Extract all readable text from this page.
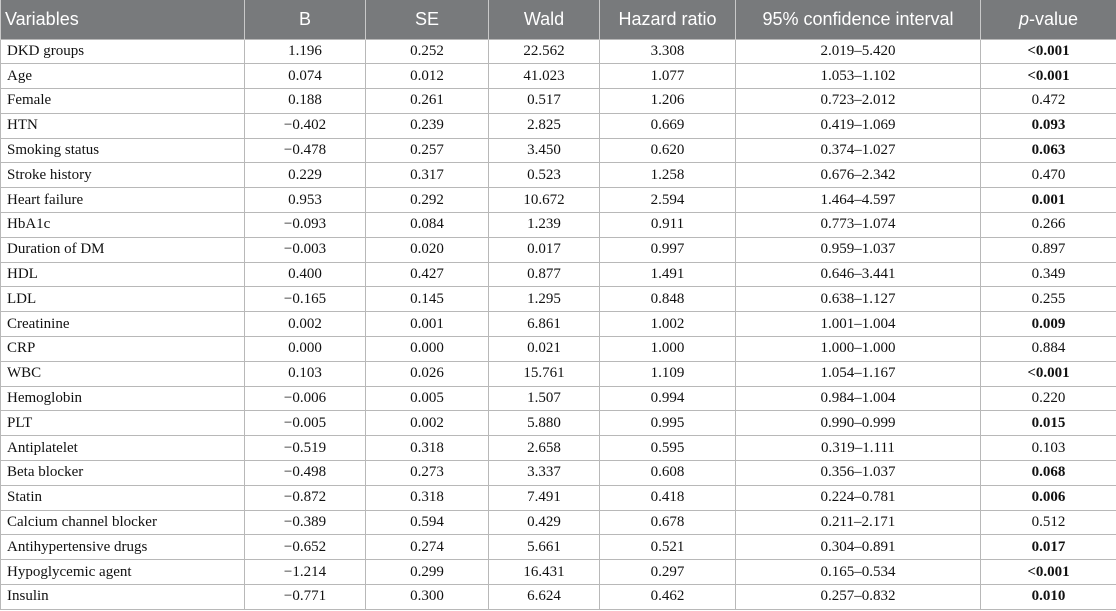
Variables	B	SE	Wald	Hazard ratio	95% confidence interval	p-value
DKD groups	1.196	0.252	22.562	3.308	2.019–5.420	<0.001
Age	0.074	0.012	41.023	1.077	1.053–1.102	<0.001
Female	0.188	0.261	0.517	1.206	0.723–2.012	0.472
HTN	−0.402	0.239	2.825	0.669	0.419–1.069	0.093
Smoking status	−0.478	0.257	3.450	0.620	0.374–1.027	0.063
Stroke history	0.229	0.317	0.523	1.258	0.676–2.342	0.470
Heart failure	0.953	0.292	10.672	2.594	1.464–4.597	0.001
HbA1c	−0.093	0.084	1.239	0.911	0.773–1.074	0.266
Duration of DM	−0.003	0.020	0.017	0.997	0.959–1.037	0.897
HDL	0.400	0.427	0.877	1.491	0.646–3.441	0.349
LDL	−0.165	0.145	1.295	0.848	0.638–1.127	0.255
Creatinine	0.002	0.001	6.861	1.002	1.001–1.004	0.009
CRP	0.000	0.000	0.021	1.000	1.000–1.000	0.884
WBC	0.103	0.026	15.761	1.109	1.054–1.167	<0.001
Hemoglobin	−0.006	0.005	1.507	0.994	0.984–1.004	0.220
PLT	−0.005	0.002	5.880	0.995	0.990–0.999	0.015
Antiplatelet	−0.519	0.318	2.658	0.595	0.319–1.111	0.103
Beta blocker	−0.498	0.273	3.337	0.608	0.356–1.037	0.068
Statin	−0.872	0.318	7.491	0.418	0.224–0.781	0.006
Calcium channel blocker	−0.389	0.594	0.429	0.678	0.211–2.171	0.512
Antihypertensive drugs	−0.652	0.274	5.661	0.521	0.304–0.891	0.017
Hypoglycemic agent	−1.214	0.299	16.431	0.297	0.165–0.534	<0.001
Insulin	−0.771	0.300	6.624	0.462	0.257–0.832	0.010
